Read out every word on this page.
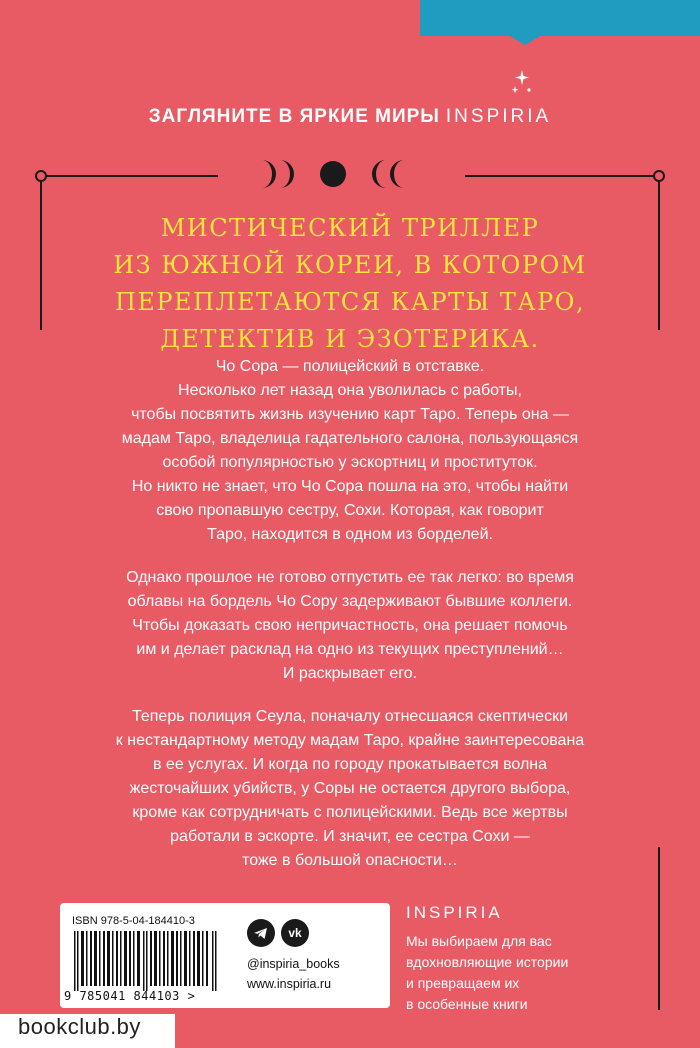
ЗАГЛЯНИТЕ В ЯРКИЕ МИРЫ INSPIRIA
МИСТИЧЕСКИЙ ТРИЛЛЕР
ИЗ ЮЖНОЙ КОРЕИ, В КОТОРОМ
ПЕРЕПЛЕТАЮТСЯ КАРТЫ ТАРО,
ДЕТЕКТИВ И ЭЗОТЕРИКА.

Чо Сора — полицейский в отставке.
Несколько лет назад она уволилась с работы,
чтобы посвятить жизнь изучению карт Таро. Теперь она —
мадам Таро, владелица гадательного салона, пользующаяся
особой популярностью у эскортниц и проституток.
Но никто не знает, что Чо Сора пошла на это, чтобы найти
свою пропавшую сестру, Сохи. Которая, как говорит
Таро, находится в одном из борделей.

Однако прошлое не готово отпустить ее так легко: во время
облавы на бордель Чо Сору задерживают бывшие коллеги.
Чтобы доказать свою непричастность, она решает помочь
им и делает расклад на одно из текущих преступлений…
И раскрывает его.

Теперь полиция Сеула, поначалу отнесшаяся скептически
к нестандартному методу мадам Таро, крайне заинтересована
в ее услугах. И когда по городу прокатывается волна
жесточайших убийств, у Соры не остается другого выбора,
кроме как сотрудничать с полицейскими. Ведь все жертвы
работали в эскорте. И значит, ее сестра Сохи —
тоже в большой опасности…

ISBN 978-5-04-184410-3
9 785041 844103 >
vk
@inspiria_books
www.inspiria.ru
INSPIRIA
Мы выбираем для вас
вдохновляющие истории
и превращаем их
в особенные книги
bookclub.by
